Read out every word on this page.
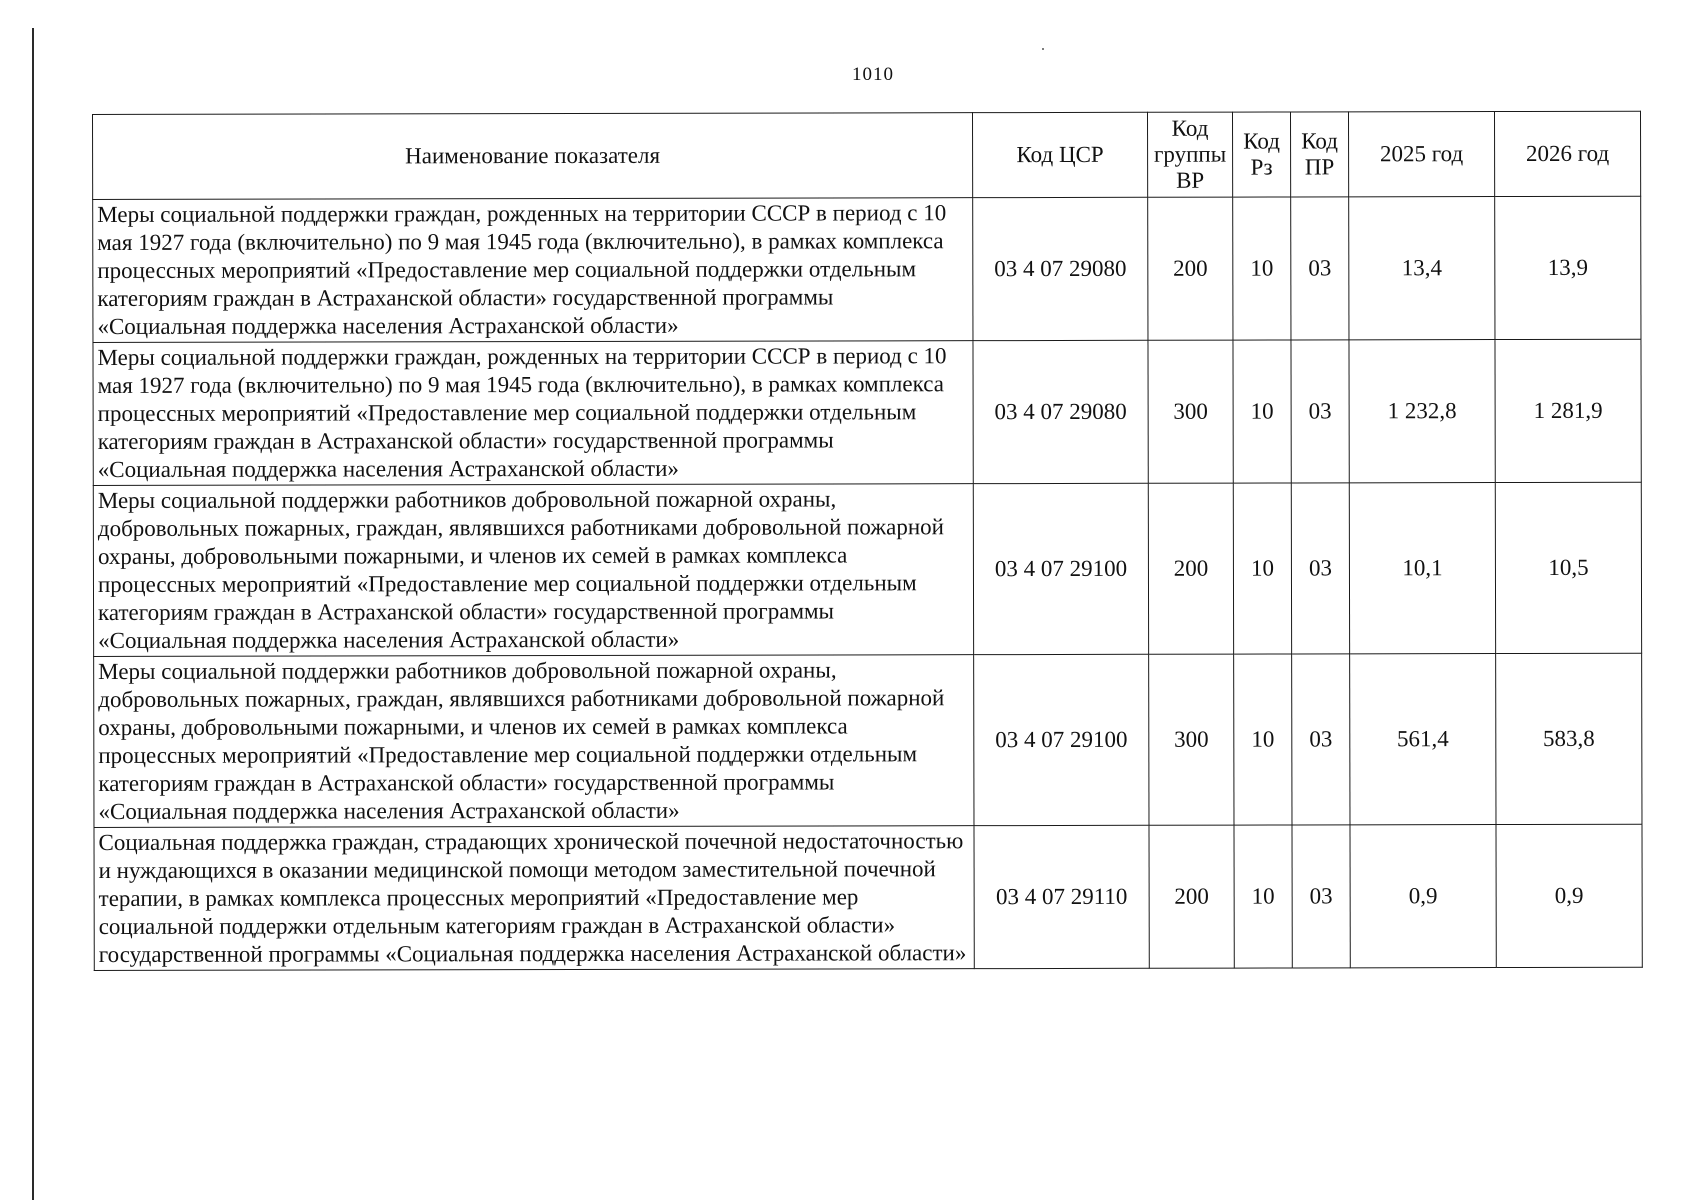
1010
Наименование показателя	Код ЦСР	Код группы ВР	Код Рз	Код ПР	2025 год	2026 год
Меры социальной поддержки граждан, рожденных на территории СССР в период с 10 мая 1927 года (включительно) по 9 мая 1945 года (включительно), в рамках комплекса процессных мероприятий «Предоставление мер социальной поддержки отдельным категориям граждан в Астраханской области» государственной программы «Социальная поддержка населения Астраханской области»	03 4 07 29080	200	10	03	13,4	13,9
Меры социальной поддержки граждан, рожденных на территории СССР в период с 10 мая 1927 года (включительно) по 9 мая 1945 года (включительно), в рамках комплекса процессных мероприятий «Предоставление мер социальной поддержки отдельным категориям граждан в Астраханской области» государственной программы «Социальная поддержка населения Астраханской области»	03 4 07 29080	300	10	03	1 232,8	1 281,9
Меры социальной поддержки работников добровольной пожарной охраны, добровольных пожарных, граждан, являвшихся работниками добровольной пожарной охраны, добровольными пожарными, и членов их семей в рамках комплекса процессных мероприятий «Предоставление мер социальной поддержки отдельным категориям граждан в Астраханской области» государственной программы «Социальная поддержка населения Астраханской области»	03 4 07 29100	200	10	03	10,1	10,5
Меры социальной поддержки работников добровольной пожарной охраны, добровольных пожарных, граждан, являвшихся работниками добровольной пожарной охраны, добровольными пожарными, и членов их семей в рамках комплекса процессных мероприятий «Предоставление мер социальной поддержки отдельным категориям граждан в Астраханской области» государственной программы «Социальная поддержка населения Астраханской области»	03 4 07 29100	300	10	03	561,4	583,8
Социальная поддержка граждан, страдающих хронической почечной недостаточностью и нуждающихся в оказании медицинской помощи методом заместительной почечной терапии, в рамках комплекса процессных мероприятий «Предоставление мер социальной поддержки отдельным категориям граждан в Астраханской области» государственной программы «Социальная поддержка населения Астраханской области»	03 4 07 29110	200	10	03	0,9	0,9
